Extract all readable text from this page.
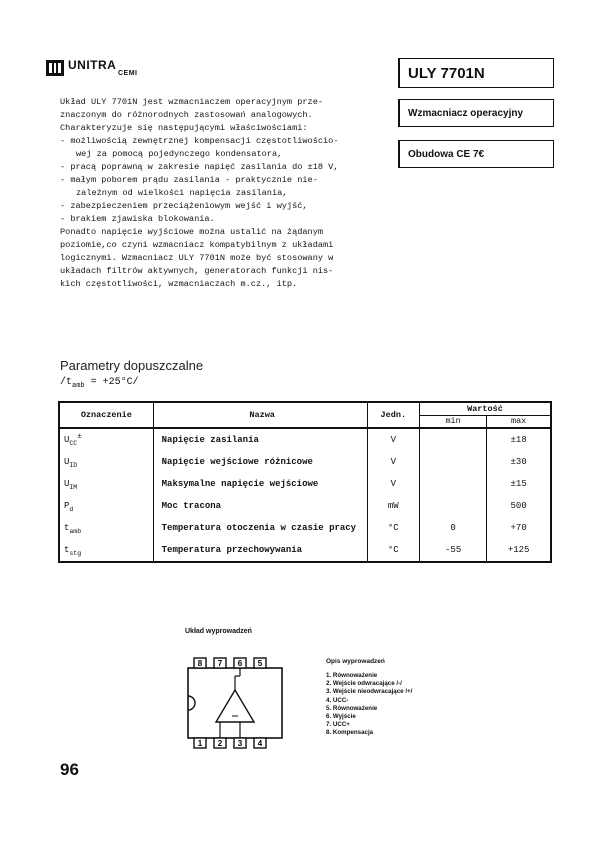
UNITRA
CEMI	ULY 7701N
Wzmacniacz operacyjny
Obudowa CE 7€

Układ ULY 7701N jest wzmacniaczem operacyjnym prze-

znaczonym do różnorodnych zastosowań analogowych.

Charakteryzuje się następującymi właściwościami:

- możliwością zewnętrznej kompensacji częstotliwościo-

wej za pomocą pojedynczego kondensatora,

- pracą poprawną w zakresie napięć zasilania do ±18 V,

- małym poborem prądu zasilania - praktycznie nie-

zależnym od wielkości napięcia zasilania,

- zabezpieczeniem przeciążeniowym wejść i wyjść,

- brakiem zjawiska blokowania.

Ponadto napięcie wyjściowe można ustalić na żądanym

poziomie,co czyni wzmacniacz kompatybilnym z układami

logicznymi. Wzmacniacz ULY 7701N może być stosowany w

układach filtrów aktywnych, generatorach funkcji nis-

kich częstotliwości, wzmacniaczach m.cz., itp.

Parametry dopuszczalne
$/t_{amb} = +25^\circ C/$
Oznaczenie	Nazwa	Jedn.	Wartość	
			min	max
$U_{CC}^\pm$	Napięcie zasilania	V		±18
$U_{ID}$	Napięcie wejściowe różnicowe	V		±30
$U_{IM}$	Maksymalne napięcie wejściowe	V		±15
$P_d$	Moc tracona	mW		500
$t_{amb}$	Temperatura otoczenia w czasie pracy	°C	0	+70
$t_{stg}$	Temperatura przechowywania	°C	-55	+125
Układ wyprowadzeń
8 7 6 5
1 2 3 4
Opis wyprowadzeń
1. Równoważenie
2. Wejście odwracające /-/
3. Wejście nieodwracające /+/
4. UCC-
5. Równoważenie
6. Wyjście
7. UCC+
8. Kompensacja
96
